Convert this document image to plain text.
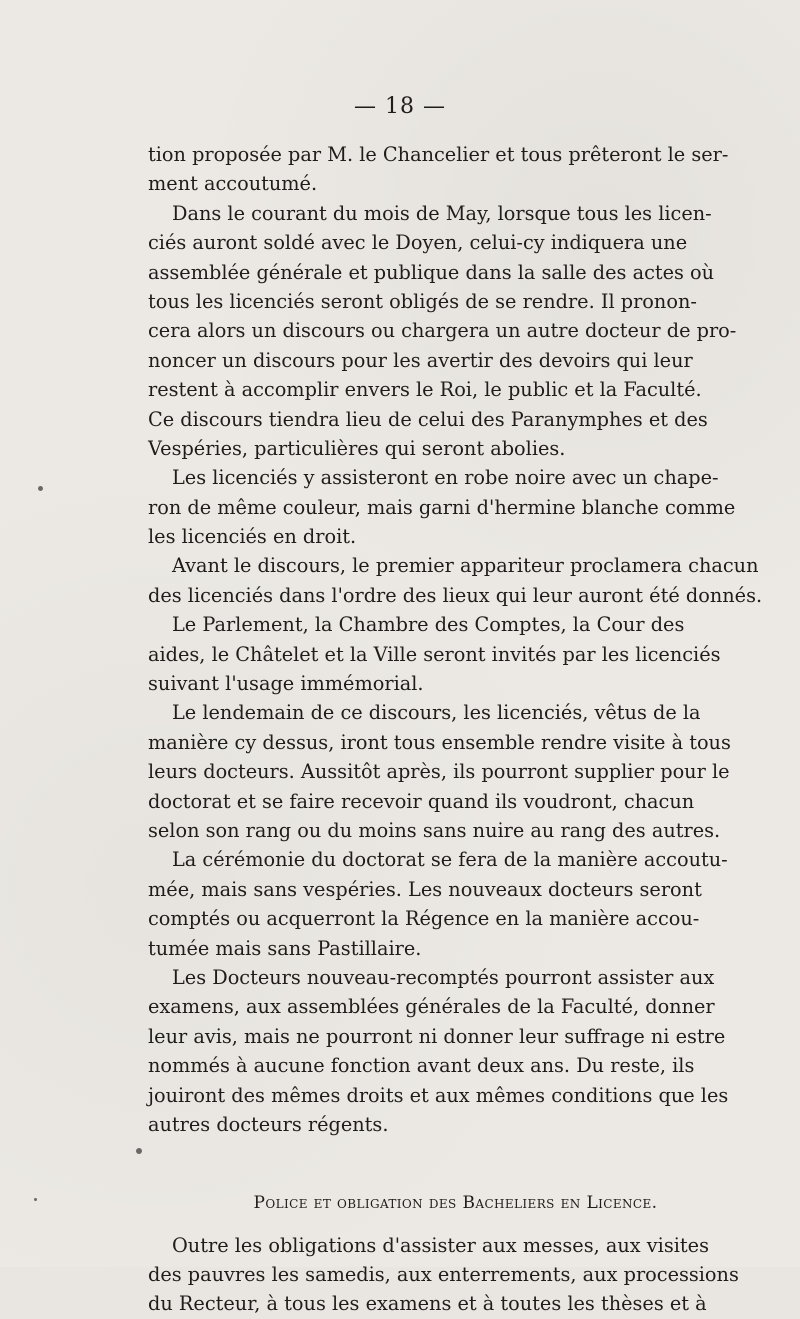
— 18 —
tion proposée par M. le Chancelier et tous prêteront le ser-
ment accoutumé.
Dans le courant du mois de May, lorsque tous les licen-
ciés auront soldé avec le Doyen, celui-cy indiquera une
assemblée générale et publique dans la salle des actes où
tous les licenciés seront obligés de se rendre. Il pronon-
cera alors un discours ou chargera un autre docteur de pro-
noncer un discours pour les avertir des devoirs qui leur
restent à accomplir envers le Roi, le public et la Faculté.
Ce discours tiendra lieu de celui des Paranymphes et des
Vespéries, particulières qui seront abolies.
Les licenciés y assisteront en robe noire avec un chape-
ron de même couleur, mais garni d'hermine blanche comme
les licenciés en droit.
Avant le discours, le premier appariteur proclamera chacun
des licenciés dans l'ordre des lieux qui leur auront été donnés.
Le Parlement, la Chambre des Comptes, la Cour des
aides, le Châtelet et la Ville seront invités par les licenciés
suivant l'usage immémorial.
Le lendemain de ce discours, les licenciés, vêtus de la
manière cy dessus, iront tous ensemble rendre visite à tous
leurs docteurs. Aussitôt après, ils pourront supplier pour le
doctorat et se faire recevoir quand ils voudront, chacun
selon son rang ou du moins sans nuire au rang des autres.
La cérémonie du doctorat se fera de la manière accoutu-
mée, mais sans vespéries. Les nouveaux docteurs seront
comptés ou acquerront la Régence en la manière accou-
tumée mais sans Pastillaire.
Les Docteurs nouveau-recomptés pourront assister aux
examens, aux assemblées générales de la Faculté, donner
leur avis, mais ne pourront ni donner leur suffrage ni estre
nommés à aucune fonction avant deux ans. Du reste, ils
jouiront des mêmes droits et aux mêmes conditions que les
autres docteurs régents.
Police et obligation des Bacheliers en Licence.
Outre les obligations d'assister aux messes, aux visites
des pauvres les samedis, aux enterrements, aux processions
du Recteur, à tous les examens et à toutes les thèses et à
